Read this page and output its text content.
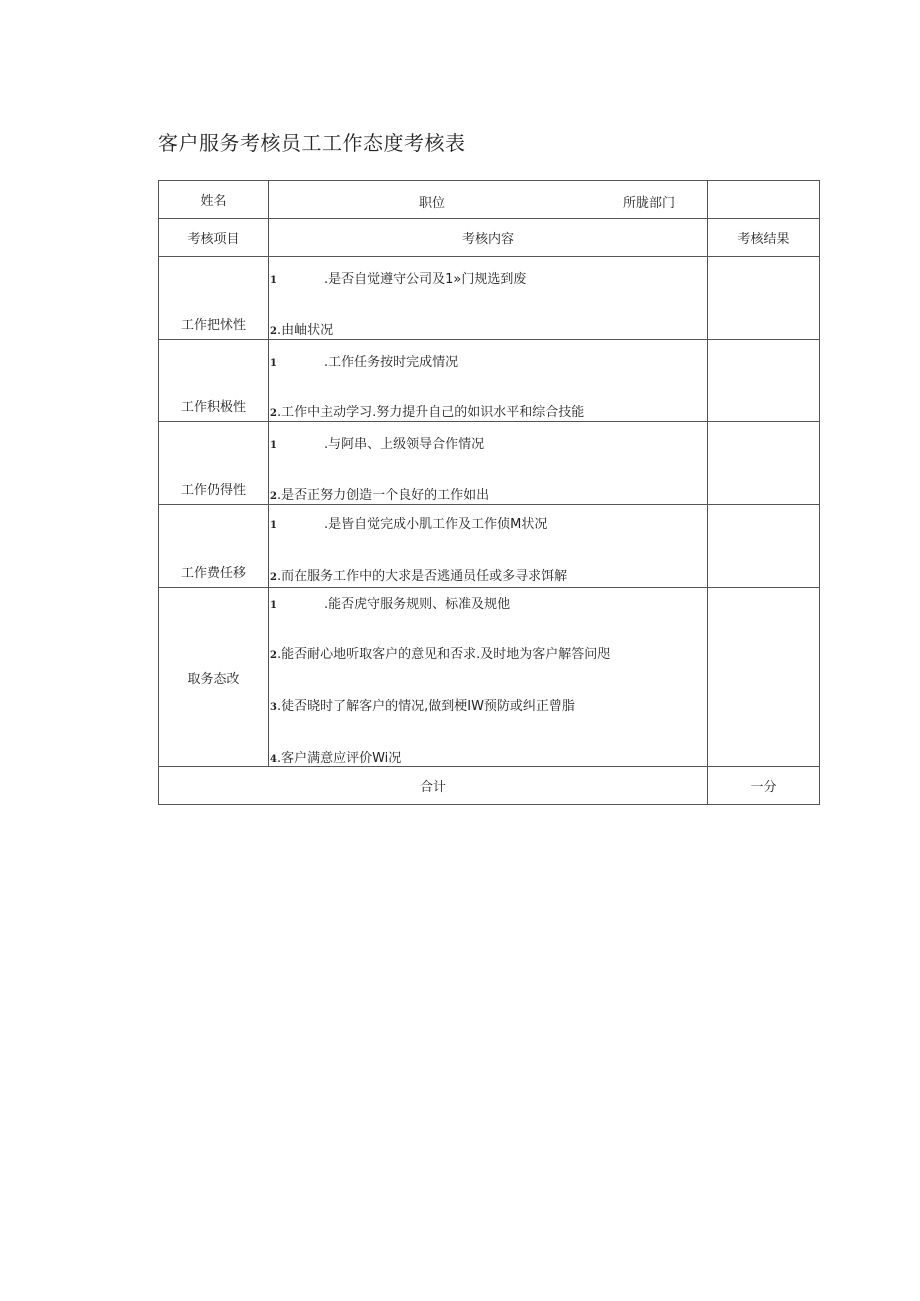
客户服务考核员工工作态度考核表
姓名	职位 所胧部门	

考核项目	考核内容	考核结果
工作把怵性	1 .是否自觉遵守公司及1»门规选到废
2.由岫状况	

工作积极性	1 .工作任务按时完成情况
2.工作中主动学习.努力提升自己的如识水平和综合技能	

工作仍得性	1 .与阿串、上级领导合作情况
2.是否正努力创造一个良好的工作如出	

工作费任移	1 .是皆自觉完成小肌工作及工作侦M状况
2.而在服务工作中的大求是否逃通员任或多寻求饵解	

取务态改	1 .能否虎守服务规则、标准及规他
2.能否耐心地听取客户的意见和否求.及时地为客户解答问咫
3.徒否晓时了解客户的情况,做到梗IW预防或纠正曾脂
4.客户满意应评价Wi况	

合计		一分
